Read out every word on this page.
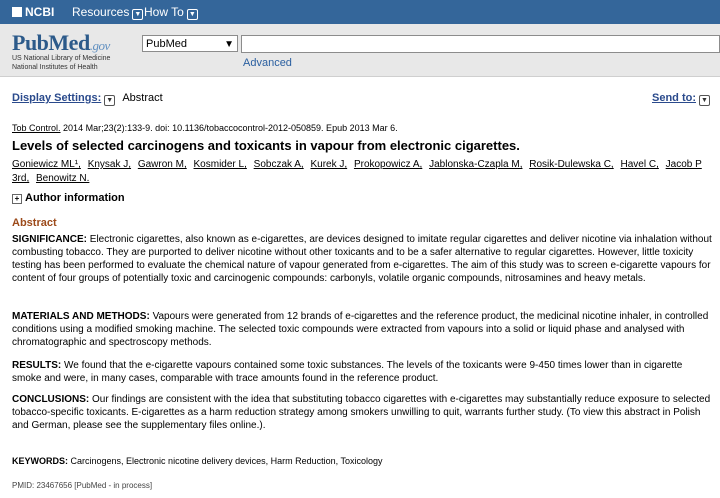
NCBI Resources ▼ How To ▼
PubMed.gov
US National Library of Medicine
National Institutes of Health
PubMed	▼
Advanced
Display Settings: ▼ Abstract	Send to: ▼
Tob Control. 2014 Mar;23(2):133-9. doi: 10.1136/tobaccocontrol-2012-050859. Epub 2013 Mar 6.
Levels of selected carcinogens and toxicants in vapour from electronic cigarettes.
Goniewicz ML¹, Knysak J, Gawron M, Kosmider L, Sobczak A, Kurek J, Prokopowicz A, Jablonska-Czapla M, Rosik-Dulewska C, Havel C, Jacob P 3rd, Benowitz N.
+ Author information
Abstract

SIGNIFICANCE: Electronic cigarettes, also known as e-cigarettes, are devices designed to imitate regular cigarettes and deliver nicotine via inhalation without combusting tobacco. They are purported to deliver nicotine without other toxicants and to be a safer alternative to regular cigarettes. However, little toxicity testing has been performed to evaluate the chemical nature of vapour generated from e-cigarettes. The aim of this study was to screen e-cigarette vapours for content of four groups of potentially toxic and carcinogenic compounds: carbonyls, volatile organic compounds, nitrosamines and heavy metals.

MATERIALS AND METHODS: Vapours were generated from 12 brands of e-cigarettes and the reference product, the medicinal nicotine inhaler, in controlled conditions using a modified smoking machine. The selected toxic compounds were extracted from vapours into a solid or liquid phase and analysed with chromatographic and spectroscopy methods.

RESULTS: We found that the e-cigarette vapours contained some toxic substances. The levels of the toxicants were 9-450 times lower than in cigarette smoke and were, in many cases, comparable with trace amounts found in the reference product.

CONCLUSIONS: Our findings are consistent with the idea that substituting tobacco cigarettes with e-cigarettes may substantially reduce exposure to selected tobacco-specific toxicants. E-cigarettes as a harm reduction strategy among smokers unwilling to quit, warrants further study. (To view this abstract in Polish and German, please see the supplementary files online.).

KEYWORDS: Carcinogens, Electronic nicotine delivery devices, Harm Reduction, Toxicology
PMID: 23467656 [PubMed - in process]
